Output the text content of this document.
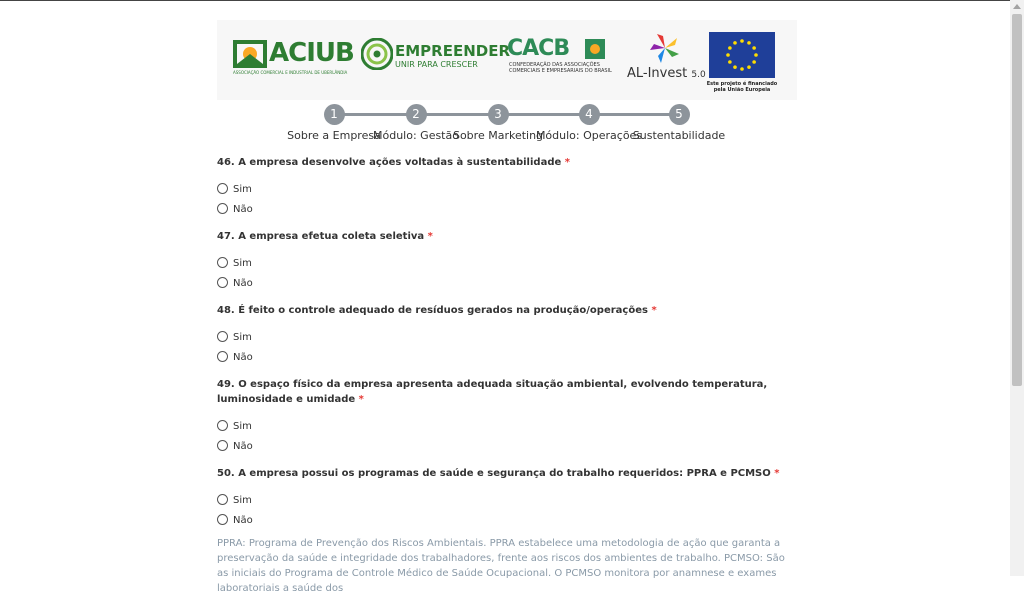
ACIUB
ASSOCIAÇÃO COMERCIAL E INDUSTRIAL DE UBERLÂNDIA
EMPREENDER
UNIR PARA CRESCER
CACB
CONFEDERAÇÃO DAS ASSOCIAÇÕES COMERCIAIS E EMPRESARIAIS DO BRASIL	AL-Invest 5.0
Este projeto é financiado pela União Europeia
1
Sobre a Empresa
2
Módulo: Gestão
3
Sobre Marketing
4
Módulo: Operações
5
Sustentabilidade
46. A empresa desenvolve ações voltadas à sustentabilidade *
Sim
Não
47. A empresa efetua coleta seletiva *
Sim
Não
48. É feito o controle adequado de resíduos gerados na produção/operações *
Sim
Não
49. O espaço físico da empresa apresenta adequada situação ambiental, evolvendo temperatura, luminosidade e umidade *
Sim
Não
50. A empresa possui os programas de saúde e segurança do trabalho requeridos: PPRA e PCMSO *
Sim
Não
PPRA: Programa de Prevenção dos Riscos Ambientais. PPRA estabelece uma metodologia de ação que garanta a preservação da saúde e integridade dos trabalhadores, frente aos riscos dos ambientes de trabalho. PCMSO: São as iniciais do Programa de Controle Médico de Saúde Ocupacional. O PCMSO monitora por anamnese e exames laboratoriais a saúde dos
